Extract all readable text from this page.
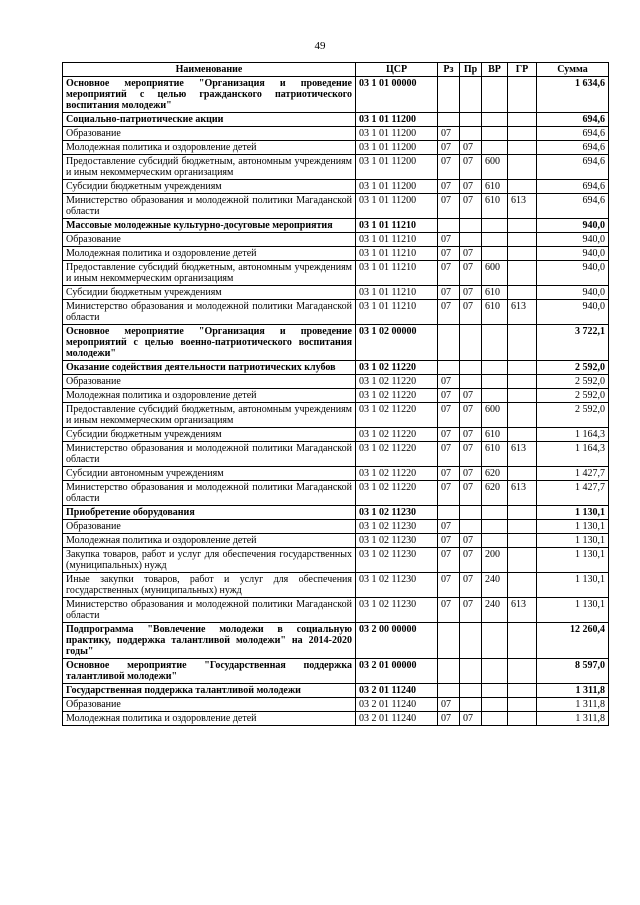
49
Наименование	ЦСР	Рз	Пр	ВР	ГР	Сумма
Основное мероприятие "Организация и проведение мероприятий с целью гражданского патриотического воспитания молодежи"	03 1 01 00000					1 634,6
Социально-патриотические акции	03 1 01 11200					694,6
Образование	03 1 01 11200	07				694,6
Молодежная политика и оздоровление детей	03 1 01 11200	07	07			694,6
Предоставление субсидий бюджетным, автономным учреждениям и иным некоммерческим организациям	03 1 01 11200	07	07	600		694,6
Субсидии бюджетным учреждениям	03 1 01 11200	07	07	610		694,6
Министерство образования и молодежной политики Магаданской области	03 1 01 11200	07	07	610	613	694,6
Массовые молодежные культурно-досуговые мероприятия	03 1 01 11210					940,0
Образование	03 1 01 11210	07				940,0
Молодежная политика и оздоровление детей	03 1 01 11210	07	07			940,0
Предоставление субсидий бюджетным, автономным учреждениям и иным некоммерческим организациям	03 1 01 11210	07	07	600		940,0
Субсидии бюджетным учреждениям	03 1 01 11210	07	07	610		940,0
Министерство образования и молодежной политики Магаданской области	03 1 01 11210	07	07	610	613	940,0
Основное мероприятие "Организация и проведение мероприятий с целью военно-патриотического воспитания молодежи"	03 1 02 00000					3 722,1
Оказание содействия деятельности патриотических клубов	03 1 02 11220					2 592,0
Образование	03 1 02 11220	07				2 592,0
Молодежная политика и оздоровление детей	03 1 02 11220	07	07			2 592,0
Предоставление субсидий бюджетным, автономным учреждениям и иным некоммерческим организациям	03 1 02 11220	07	07	600		2 592,0
Субсидии бюджетным учреждениям	03 1 02 11220	07	07	610		1 164,3
Министерство образования и молодежной политики Магаданской области	03 1 02 11220	07	07	610	613	1 164,3
Субсидии автономным учреждениям	03 1 02 11220	07	07	620		1 427,7
Министерство образования и молодежной политики Магаданской области	03 1 02 11220	07	07	620	613	1 427,7
Приобретение оборудования	03 1 02 11230					1 130,1
Образование	03 1 02 11230	07				1 130,1
Молодежная политика и оздоровление детей	03 1 02 11230	07	07			1 130,1
Закупка товаров, работ и услуг для обеспечения государственных (муниципальных) нужд	03 1 02 11230	07	07	200		1 130,1
Иные закупки товаров, работ и услуг для обеспечения государственных (муниципальных) нужд	03 1 02 11230	07	07	240		1 130,1
Министерство образования и молодежной политики Магаданской области	03 1 02 11230	07	07	240	613	1 130,1
Подпрограмма "Вовлечение молодежи в социальную практику, поддержка талантливой молодежи" на 2014-2020 годы"	03 2 00 00000					12 260,4
Основное мероприятие "Государственная поддержка талантливой молодежи"	03 2 01 00000					8 597,0
Государственная поддержка талантливой молодежи	03 2 01 11240					1 311,8
Образование	03 2 01 11240	07				1 311,8
Молодежная политика и оздоровление детей	03 2 01 11240	07	07			1 311,8
